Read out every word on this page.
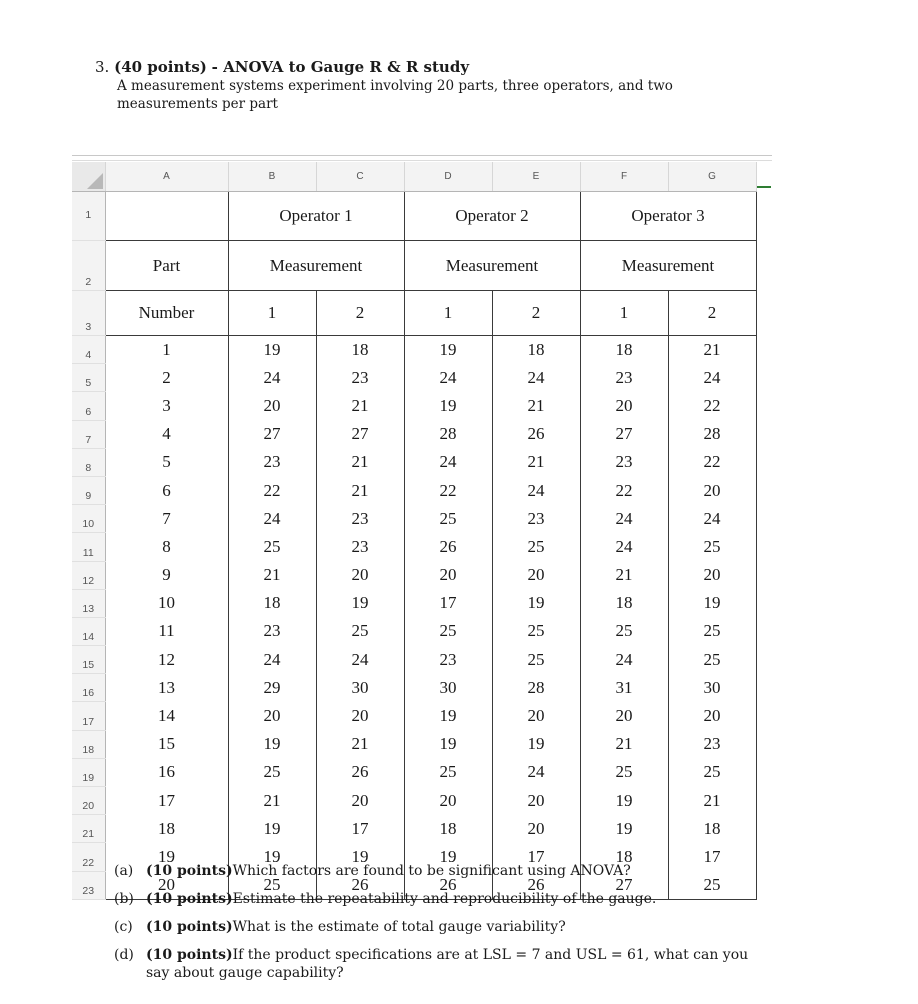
3. (40 points) - ANOVA to Gauge R & R study
A measurement systems experiment involving 20 parts, three operators, and two measurements per part
	A	B	C	D	E	F	G
1		Operator 1		Operator 2		Operator 3	
2	Part	Measurement		Measurement		Measurement	
3	Number	1	2	1	2	1	2
4	1	19	18	19	18	18	21
5	2	24	23	24	24	23	24
6	3	20	21	19	21	20	22
7	4	27	27	28	26	27	28
8	5	23	21	24	21	23	22
9	6	22	21	22	24	22	20
10	7	24	23	25	23	24	24
11	8	25	23	26	25	24	25
12	9	21	20	20	20	21	20
13	10	18	19	17	19	18	19
14	11	23	25	25	25	25	25
15	12	24	24	23	25	24	25
16	13	29	30	30	28	31	30
17	14	20	20	19	20	20	20
18	15	19	21	19	19	21	23
19	16	25	26	25	24	25	25
20	17	21	20	20	20	19	21
21	18	19	17	18	20	19	18
22	19	19	19	19	17	18	17
23	20	25	26	26	26	27	25
(a) (10 points)Which factors are found to be significant using ANOVA?
(b) (10 points)Estimate the repeatability and reproducibility of the gauge.
(c) (10 points)What is the estimate of total gauge variability?
(d) (10 points)If the product specifications are at LSL = 7 and USL = 61, what can you say about gauge capability?
